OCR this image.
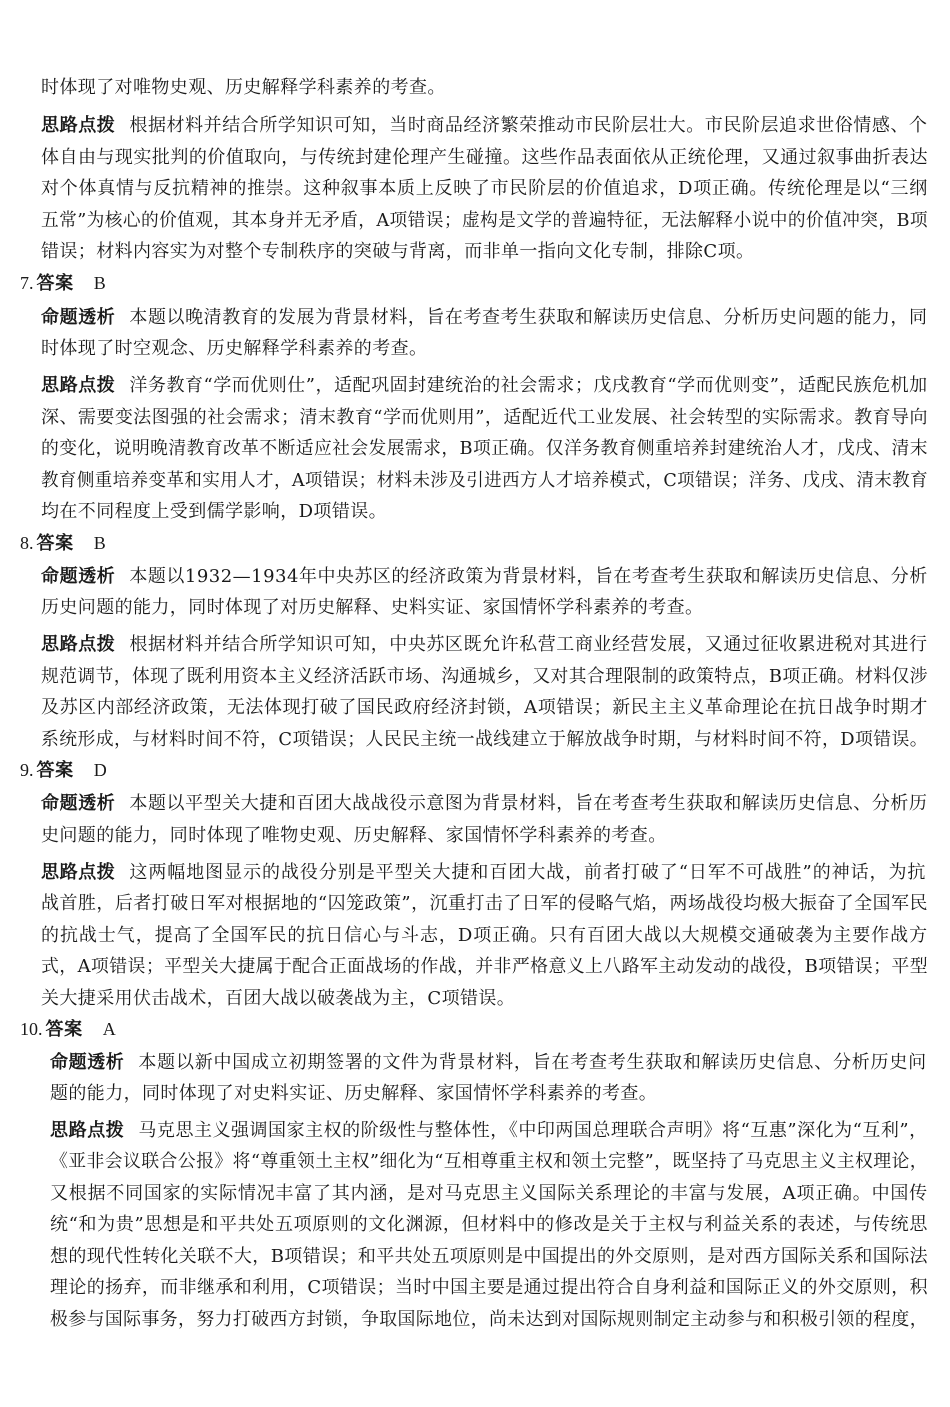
时体现了对唯物史观、历史解释学科素养的考查。
思路点拨 根据材料并结合所学知识可知，当时商品经济繁荣推动市民阶层壮大。市民阶层追求世俗情感、个
体自由与现实批判的价值取向，与传统封建伦理产生碰撞。这些作品表面依从正统伦理，又通过叙事曲折表达
对个体真情与反抗精神的推崇。这种叙事本质上反映了市民阶层的价值追求，D项正确。传统伦理是以“三纲
五常”为核心的价值观，其本身并无矛盾，A项错误；虚构是文学的普遍特征，无法解释小说中的价值冲突，B项
错误；材料内容实为对整个专制秩序的突破与背离，而非单一指向文化专制，排除C项。
7. 答案 B
命题透析 本题以晚清教育的发展为背景材料，旨在考查考生获取和解读历史信息、分析历史问题的能力，同
时体现了时空观念、历史解释学科素养的考查。
思路点拨 洋务教育“学而优则仕”，适配巩固封建统治的社会需求；戊戌教育“学而优则变”，适配民族危机加
深、需要变法图强的社会需求；清末教育“学而优则用”，适配近代工业发展、社会转型的实际需求。教育导向
的变化，说明晚清教育改革不断适应社会发展需求，B项正确。仅洋务教育侧重培养封建统治人才，戊戌、清末
教育侧重培养变革和实用人才，A项错误；材料未涉及引进西方人才培养模式，C项错误；洋务、戊戌、清末教育
均在不同程度上受到儒学影响，D项错误。
8. 答案 B
命题透析 本题以1932—1934年中央苏区的经济政策为背景材料，旨在考查考生获取和解读历史信息、分析
历史问题的能力，同时体现了对历史解释、史料实证、家国情怀学科素养的考查。
思路点拨 根据材料并结合所学知识可知，中央苏区既允许私营工商业经营发展，又通过征收累进税对其进行
规范调节，体现了既利用资本主义经济活跃市场、沟通城乡，又对其合理限制的政策特点，B项正确。材料仅涉
及苏区内部经济政策，无法体现打破了国民政府经济封锁，A项错误；新民主主义革命理论在抗日战争时期才
系统形成，与材料时间不符，C项错误；人民民主统一战线建立于解放战争时期，与材料时间不符，D项错误。
9. 答案 D
命题透析 本题以平型关大捷和百团大战战役示意图为背景材料，旨在考查考生获取和解读历史信息、分析历
史问题的能力，同时体现了唯物史观、历史解释、家国情怀学科素养的考查。
思路点拨 这两幅地图显示的战役分别是平型关大捷和百团大战，前者打破了“日军不可战胜”的神话，为抗
战首胜，后者打破日军对根据地的“囚笼政策”，沉重打击了日军的侵略气焰，两场战役均极大振奋了全国军民
的抗战士气，提高了全国军民的抗日信心与斗志，D项正确。只有百团大战以大规模交通破袭为主要作战方
式，A项错误；平型关大捷属于配合正面战场的作战，并非严格意义上八路军主动发动的战役，B项错误；平型
关大捷采用伏击战术，百团大战以破袭战为主，C项错误。
10. 答案 A
命题透析 本题以新中国成立初期签署的文件为背景材料，旨在考查考生获取和解读历史信息、分析历史问
题的能力，同时体现了对史料实证、历史解释、家国情怀学科素养的考查。
思路点拨 马克思主义强调国家主权的阶级性与整体性，《中印两国总理联合声明》将“互惠”深化为“互利”，
《亚非会议联合公报》将“尊重领土主权”细化为“互相尊重主权和领土完整”，既坚持了马克思主义主权理论，
又根据不同国家的实际情况丰富了其内涵，是对马克思主义国际关系理论的丰富与发展，A项正确。中国传
统“和为贵”思想是和平共处五项原则的文化渊源，但材料中的修改是关于主权与利益关系的表述，与传统思
想的现代性转化关联不大，B项错误；和平共处五项原则是中国提出的外交原则，是对西方国际关系和国际法
理论的扬弃，而非继承和利用，C项错误；当时中国主要是通过提出符合自身利益和国际正义的外交原则，积
极参与国际事务，努力打破西方封锁，争取国际地位，尚未达到对国际规则制定主动参与和积极引领的程度，
